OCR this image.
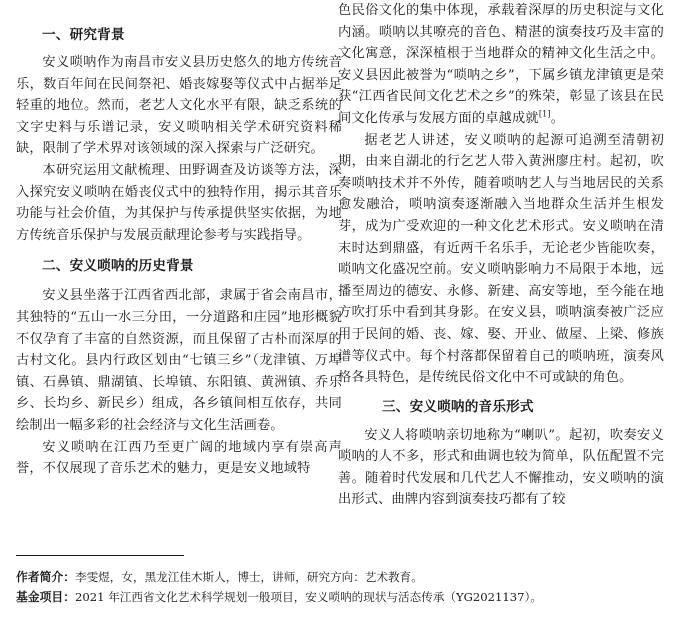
一、研究背景

安义唢呐作为南昌市安义县历史悠久的地方传统音乐，数百年间在民间祭祀、婚丧嫁娶等仪式中占据举足轻重的地位。然而，老艺人文化水平有限，缺乏系统的文字史料与乐谱记录，安义唢呐相关学术研究资料稀缺，限制了学术界对该领域的深入探索与广泛研究。

本研究运用文献梳理、田野调查及访谈等方法，深入探究安义唢呐在婚丧仪式中的独特作用，揭示其音乐功能与社会价值，为其保护与传承提供坚实依据，为地方传统音乐保护与发展贡献理论参考与实践指导。

二、安义唢呐的历史背景

安义县坐落于江西省西北部，隶属于省会南昌市，其独特的“五山一水三分田，一分道路和庄园”地形概貌不仅孕育了丰富的自然资源，而且保留了古朴而深厚的古村文化。县内行政区划由“七镇三乡”（龙津镇、万埠镇、石鼻镇、鼎湖镇、长埠镇、东阳镇、黄洲镇、乔乐乡、长均乡、新民乡）组成，各乡镇间相互依存，共同绘制出一幅多彩的社会经济与文化生活画卷。

安义唢呐在江西乃至更广阔的地域内享有崇高声誉，不仅展现了音乐艺术的魅力，更是安义地域特

色民俗文化的集中体现，承载着深厚的历史积淀与文化内涵。唢呐以其嘹亮的音色、精湛的演奏技巧及丰富的文化寓意，深深植根于当地群众的精神文化生活之中。安义县因此被誉为“唢呐之乡”，下属乡镇龙津镇更是荣获“江西省民间文化艺术之乡”的殊荣，彰显了该县在民间文化传承与发展方面的卓越成就[1]。

据老艺人讲述，安义唢呐的起源可追溯至清朝初期，由来自湖北的行乞艺人带入黄洲廖庄村。起初，吹奏唢呐技术并不外传，随着唢呐艺人与当地居民的关系愈发融洽，唢呐演奏逐渐融入当地群众生活并生根发芽，成为广受欢迎的一种文化艺术形式。安义唢呐在清末时达到鼎盛，有近两千名乐手，无论老少皆能吹奏，唢呐文化盛况空前。安义唢呐影响力不局限于本地，远播至周边的德安、永修、新建、高安等地，至今能在地方吹打乐中看到其身影。在安义县，唢呐演奏被广泛应用于民间的婚、丧、嫁、娶、开业、做屋、上梁、修族谱等仪式中。每个村落都保留着自己的唢呐班，演奏风格各具特色，是传统民俗文化中不可或缺的角色。

三、安义唢呐的音乐形式

安义人将唢呐亲切地称为“喇叭”。起初，吹奏安义唢呐的人不多，形式和曲调也较为简单，队伍配置不完善。随着时代发展和几代艺人不懈推动，安义唢呐的演出形式、曲牌内容到演奏技巧都有了较

作者简介：李雯煜，女，黑龙江佳木斯人，博士，讲师，研究方向：艺术教育。
基金项目：2021 年江西省文化艺术科学规划一般项目，安义唢呐的现状与活态传承（YG2021137）。
